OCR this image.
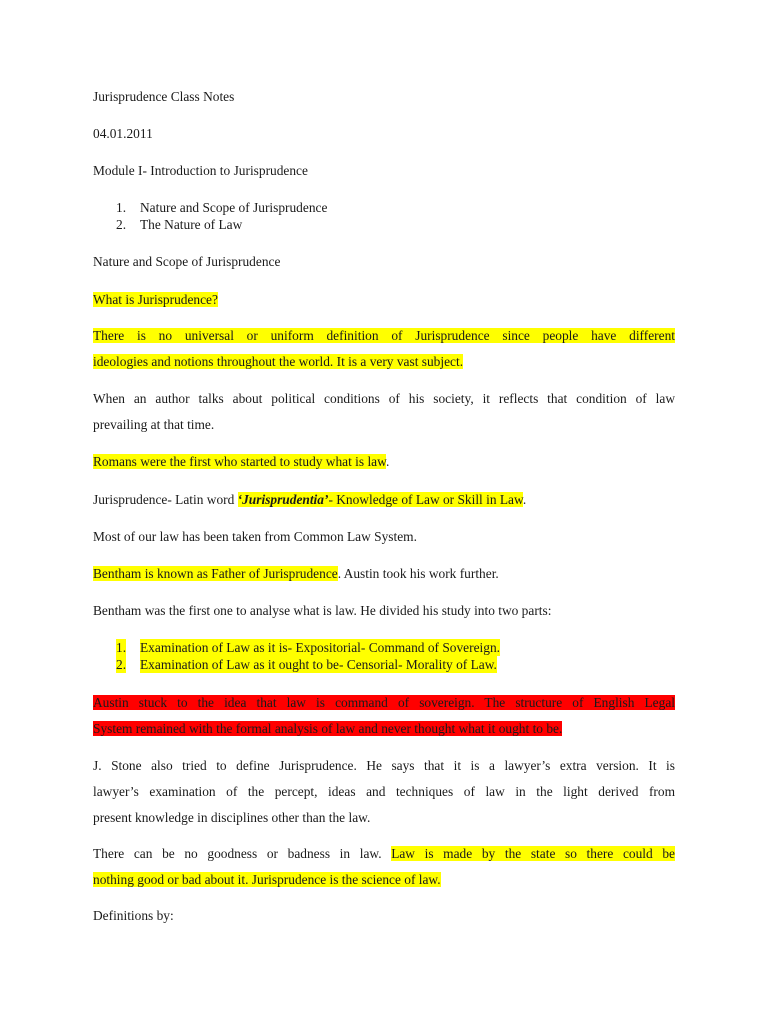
Jurisprudence Class Notes

04.01.2011

Module I- Introduction to Jurisprudence

1. Nature and Scope of Jurisprudence
2. The Nature of Law

Nature and Scope of Jurisprudence

What is Jurisprudence?

There is no universal or uniform definition of Jurisprudence since people have different
ideologies and notions throughout the world. It is a very vast subject.

When an author talks about political conditions of his society, it reflects that condition of law
prevailing at that time.

Romans were the first who started to study what is law.

Jurisprudence- Latin word ‘Jurisprudentia’- Knowledge of Law or Skill in Law.

Most of our law has been taken from Common Law System.

Bentham is known as Father of Jurisprudence. Austin took his work further.

Bentham was the first one to analyse what is law. He divided his study into two parts:

1. Examination of Law as it is- Expositorial- Command of Sovereign.
2. Examination of Law as it ought to be- Censorial- Morality of Law.

Austin stuck to the idea that law is command of sovereign. The structure of English Legal
System remained with the formal analysis of law and never thought what it ought to be.

J. Stone also tried to define Jurisprudence. He says that it is a lawyer’s extra version. It is
lawyer’s examination of the percept, ideas and techniques of law in the light derived from
present knowledge in disciplines other than the law.

There can be no goodness or badness in law. Law is made by the state so there could be
nothing good or bad about it. Jurisprudence is the science of law.

Definitions by:
